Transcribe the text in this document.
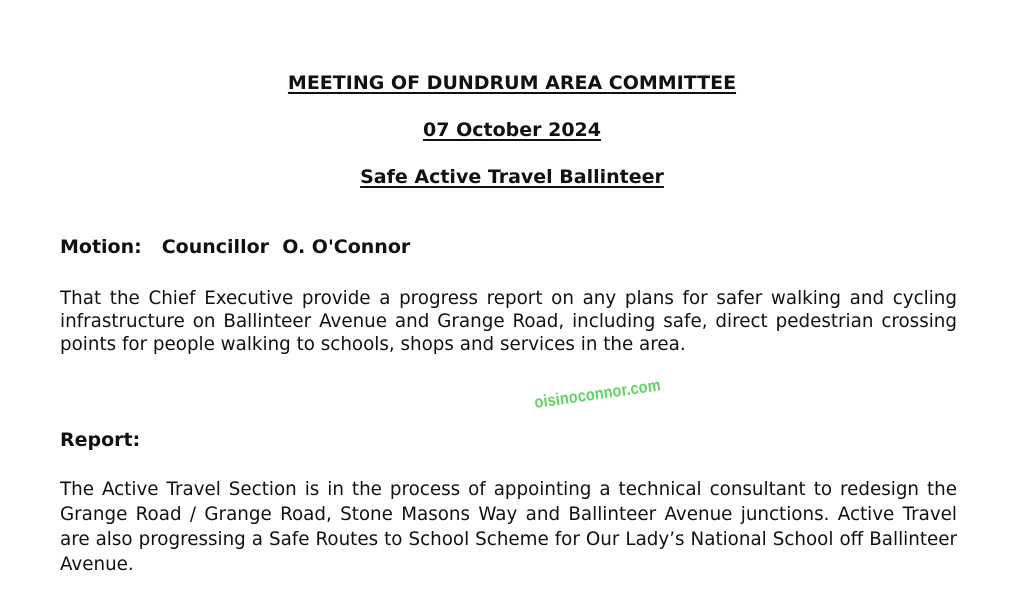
MEETING OF DUNDRUM AREA COMMITTEE

07 October 2024

Safe Active Travel Ballinteer

Motion: Councillor  O. O'Connor

That the Chief Executive provide a progress report on any plans for safer walking and cycling infrastructure on Ballinteer Avenue and Grange Road, including safe, direct pedestrian crossing points for people walking to schools, shops and services in the area.

oisinoconnor.com

Report:

The Active Travel Section is in the process of appointing a technical consultant to redesign the Grange Road / Grange Road, Stone Masons Way and Ballinteer Avenue junctions. Active Travel are also progressing a Safe Routes to School Scheme for Our Lady’s National School off Ballinteer Avenue.
